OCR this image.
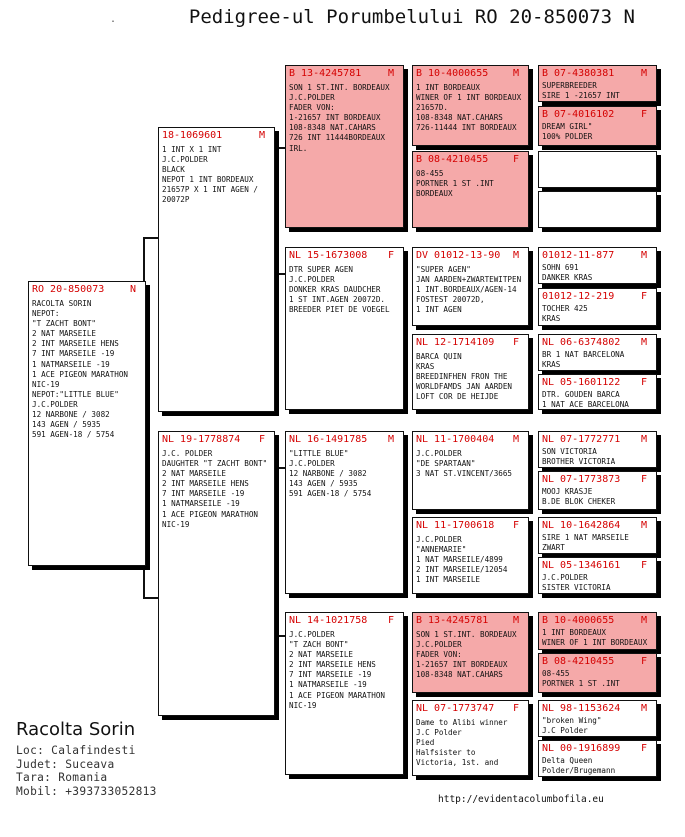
.	Pedigree-ul Porumbelului RO 20-850073 N
RO 20-850073	N
RACOLTA SORIN
NEPOT:
"T ZACHT BONT"
2 NAT MARSEILE
2 INT MARSEILE HENS
7 INT MARSEILE -19
1 NATMARSEILE -19
1 ACE PIGEON MARATHON
NIC-19
NEPOT:"LITTLE BLUE"
J.C.POLDER
12 NARBONE / 3082
143 AGEN / 5935
591 AGEN-18 / 5754
18-1069601	M
1 INT X 1 INT
J.C.POLDER
BLACK
NEPOT 1 INT BORDEAUX
21657P X 1 INT AGEN /
20072P
NL 19-1778874 F
J.C. POLDER
DAUGHTER "T ZACHT BONT"
2 NAT MARSEILE
2 INT MARSEILE HENS
7 INT MARSEILE -19
1 NATMARSEILE -19
1 ACE PIGEON MARATHON
NIC-19
B 13-4245781	M
SON 1 ST.INT. BORDEAUX
J.C.POLDER
FADER VON:
1-21657 INT BORDEAUX
108-8348 NAT.CAHARS
726 INT 11444BORDEAUX
IRL.
NL 15-1673008 F
DTR SUPER AGEN
J.C.POLDER
DONKER KRAS DAUDCHER
1 ST INT.AGEN 20072D.
BREEDER PIET DE VOEGEL
NL 16-1491785 M
"LITTLE BLUE"
J.C.POLDER
12 NARBONE / 3082
143 AGEN / 5935
591 AGEN-18 / 5754
NL 14-1021758 F
J.C.POLDER
"T ZACH BONT"
2 NAT MARSEILE
2 INT MARSEILE HENS
7 INT MARSEILE -19
1 NATMARSEILE -19
1 ACE PIGEON MARATHON
NIC-19
B 10-4000655 M
1 INT BORDEAUX
WINER OF 1 INT BORDEAUX
21657D.
108-8348 NAT.CAHARS
726-11444 INT BORDEAUX
B 08-4210455 F
08-455
PORTNER 1 ST .INT
BORDEAUX
DV 01012-13-90 M
"SUPER AGEN"
JAN AARDEN+ZWARTEWITPEN
1 INT.BORDEAUX/AGEN-14
FOSTEST 20072D,
1 INT AGEN
NL 12-1714109 F
BARCA QUIN
KRAS
BREEDINFHEN FRON THE
WORLDFAMDS JAN AARDEN
LOFT COR DE HEIJDE
NL 11-1700404 M
J.C.POLDER
"DE SPARTAAN"
3 NAT ST.VINCENT/3665
NL 11-1700618 F
J.C.POLDER
"ANNEMARIE"
1 NAT MARSEILE/4899
2 INT MARSEILE/12054
1 INT MARSEILE
B 13-4245781 M
SON 1 ST.INT. BORDEAUX
J.C.POLDER
FADER VON:
1-21657 INT BORDEAUX
108-8348 NAT.CAHARS
NL 07-1773747 F
Dame to Alibi winner
J.C Polder
Pied
Halfsister to
Victoria, 1st. and
B 07-4380381	M
SUPERBREEDER
SIRE 1 -21657 INT
B 07-4016102	F
DREAM GIRL"
100% POLDER
01012-11-877	M
SOHN 691
DANKER KRAS
01012-12-219	F
TOCHER 425
KRAS
NL 06-6374802 M
BR 1 NAT BARCELONA
KRAS
NL 05-1601122 F
DTR. GOUDEN BARCA
1 NAT ACE BARCELONA
NL 07-1772771 M
SON VICTORIA
BROTHER VICTORIA
NL 07-1773873 F
MOOJ KRASJE
B.DE BLOK CHEKER
NL 10-1642864 M
SIRE 1 NAT MARSEILE
ZWART
NL 05-1346161 F
J.C.POLDER
SISTER VICTORIA
B 10-4000655	M
1 INT BORDEAUX
WINER OF 1 INT BORDEAUX
B 08-4210455	F
08-455
PORTNER 1 ST .INT
NL 98-1153624 M
"broken Wing"
J.C Polder
NL 00-1916899 F
Delta Queen
Polder/Brugemann
Racolta Sorin
Loc: Calafindesti
Judet: Suceava
Tara: Romania
Mobil: +393733052813
http://evidentacolumbofila.eu
